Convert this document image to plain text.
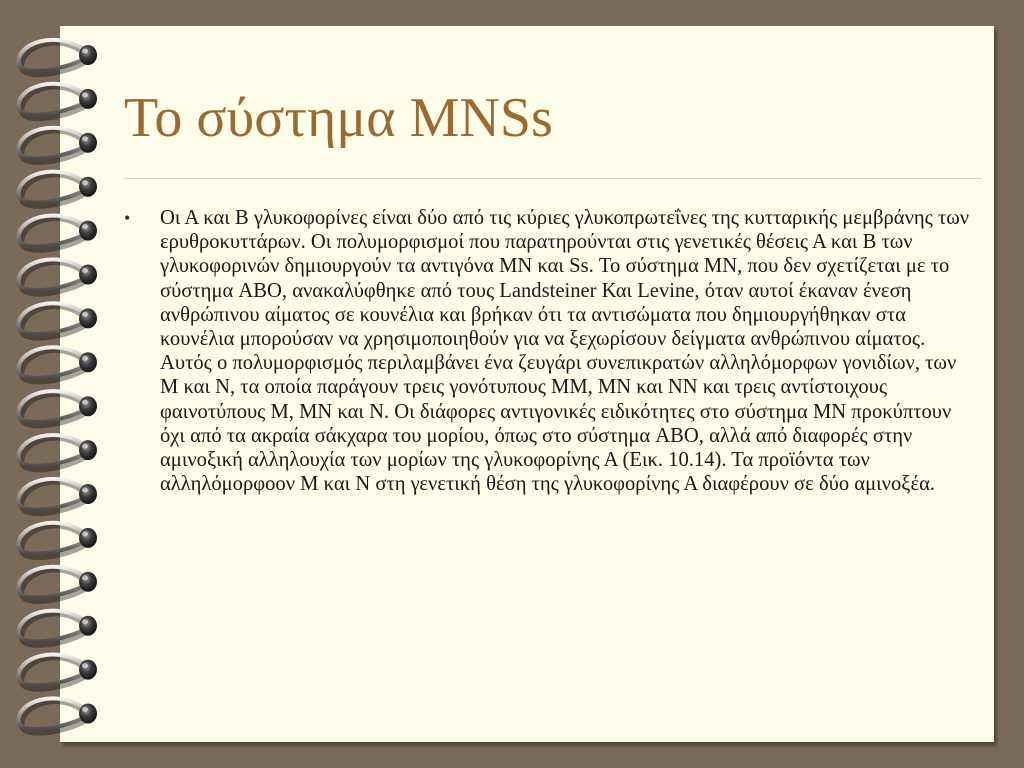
Το σύστημα MNSs
• Οι Α και Β γλυκοφορίνες είναι δύο από τις κύριες γλυκοπρωτεΐνες της κυτταρικής μεμβράνης των ερυθροκυττάρων. Οι πολυμορφισμοί που παρατηρούνται στις γενετικές θέσεις Α και Β των γλυκοφορινών δημιουργούν τα αντιγόνα MN και Ss. Το σύστημα MN, που δεν σχετίζεται με το σύστημα ABO, ανακαλύφθηκε από τους Landsteiner Και Levine, όταν αυτοί έκαναν ένεση ανθρώπινου αίματος σε κουνέλια και βρήκαν ότι τα αντισώματα που δημιουργήθηκαν στα κουνέλια μπορούσαν να χρησιμοποιηθούν για να ξεχωρίσουν δείγματα ανθρώπινου αίματος. Αυτός ο πολυμορφισμός περιλαμβάνει ένα ζευγάρι συνεπικρατών αλληλόμορφων γονιδίων, των M και N, τα οποία παράγουν τρεις γονότυπους MM, MN και NN και τρεις αντίστοιχους φαινοτύπους M, MN και N. Οι διάφορες αντιγονικές ειδικότητες στο σύστημα MN προκύπτουν όχι από τα ακραία σάκχαρα του μορίου, όπως στο σύστημα ABO, αλλά από διαφορές στην αμινοξική αλληλουχία των μορίων της γλυκοφορίνης Α (Εικ. 10.14). Τα προϊόντα των αλληλόμορφοον M και N στη γενετική θέση της γλυκοφορίνης Α διαφέρουν σε δύο αμινοξέα.
